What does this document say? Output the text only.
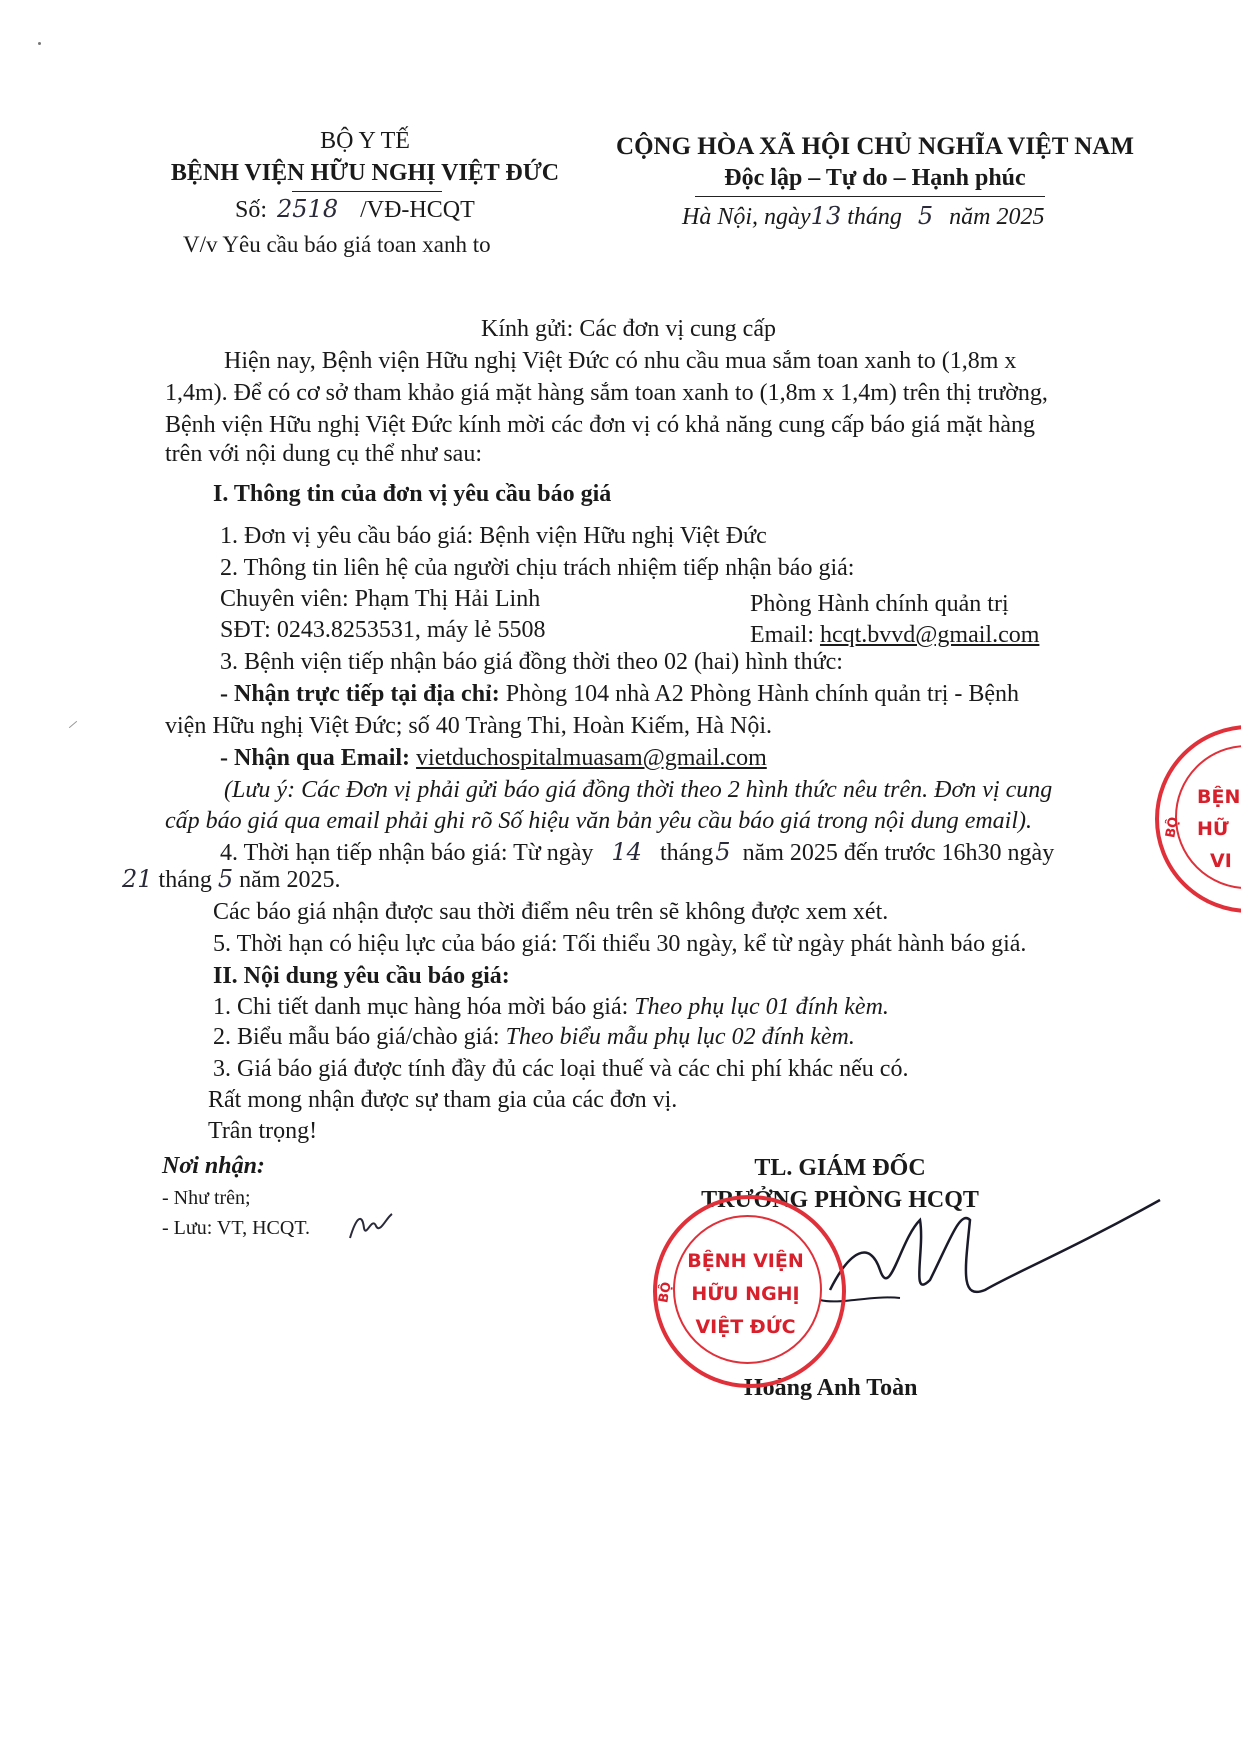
BỘ Y TẾ
BỆNH VIỆN HỮU NGHỊ VIỆT ĐỨC
Số: 2518 /VĐ-HCQT
V/v Yêu cầu báo giá toan xanh to
CỘNG HÒA XÃ HỘI CHỦ NGHĨA VIỆT NAM
Độc lập – Tự do – Hạnh phúc
Hà Nội, ngày13 tháng 5 năm 2025
Kính gửi: Các đơn vị cung cấp
Hiện nay, Bệnh viện Hữu nghị Việt Đức có nhu cầu mua sắm toan xanh to (1,8m x
1,4m). Để có cơ sở tham khảo giá mặt hàng sắm toan xanh to (1,8m x 1,4m) trên thị trường,
Bệnh viện Hữu nghị Việt Đức kính mời các đơn vị có khả năng cung cấp báo giá mặt hàng
trên với nội dung cụ thể như sau:
I. Thông tin của đơn vị yêu cầu báo giá
1. Đơn vị yêu cầu báo giá: Bệnh viện Hữu nghị Việt Đức
2. Thông tin liên hệ của người chịu trách nhiệm tiếp nhận báo giá:
Chuyên viên: Phạm Thị Hải Linh	Phòng Hành chính quản trị
SĐT: 0243.8253531, máy lẻ 5508	Email: hcqt.bvvd@gmail.com
3. Bệnh viện tiếp nhận báo giá đồng thời theo 02 (hai) hình thức:
- Nhận trực tiếp tại địa chỉ: Phòng 104 nhà A2 Phòng Hành chính quản trị - Bệnh
viện Hữu nghị Việt Đức; số 40 Tràng Thi, Hoàn Kiếm, Hà Nội.
- Nhận qua Email: vietduchospitalmuasam@gmail.com
(Lưu ý: Các Đơn vị phải gửi báo giá đồng thời theo 2 hình thức nêu trên. Đơn vị cung
cấp báo giá qua email phải ghi rõ Số hiệu văn bản yêu cầu báo giá trong nội dung email).
4. Thời hạn tiếp nhận báo giá: Từ ngày 14 tháng5 năm 2025 đến trước 16h30 ngày
21 tháng 5 năm 2025.
Các báo giá nhận được sau thời điểm nêu trên sẽ không được xem xét.
5. Thời hạn có hiệu lực của báo giá: Tối thiểu 30 ngày, kể từ ngày phát hành báo giá.
II. Nội dung yêu cầu báo giá:
1. Chi tiết danh mục hàng hóa mời báo giá: Theo phụ lục 01 đính kèm.
2. Biểu mẫu báo giá/chào giá: Theo biểu mẫu phụ lục 02 đính kèm.
3. Giá báo giá được tính đầy đủ các loại thuế và các chi phí khác nếu có.
Rất mong nhận được sự tham gia của các đơn vị.
Trân trọng!
Nơi nhận:
- Như trên;
- Lưu: VT, HCQT.
TL. GIÁM ĐỐC
TRƯỞNG PHÒNG HCQT
Hoàng Anh Toàn
BỆNH VIỆN
HỮU NGHỊ
VIỆT ĐỨC
BỘ
BỆN
HỮ
VI
BỘ
